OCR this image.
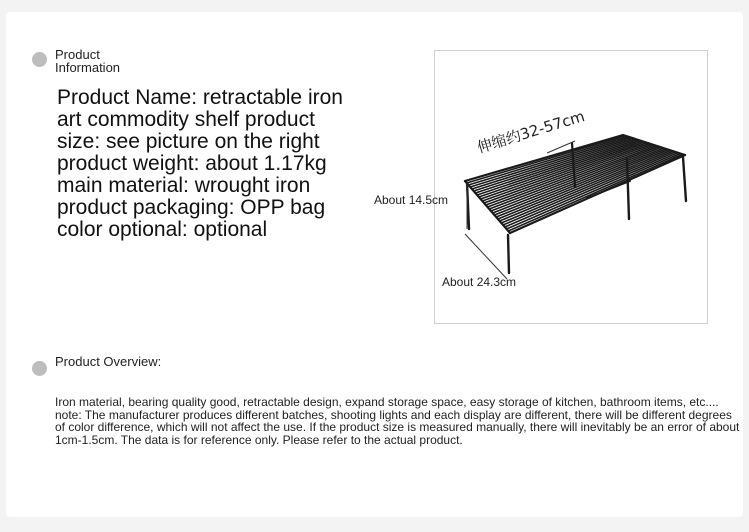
Product Information
Product Name: retractable iron art commodity shelf product size: see picture on the right product weight: about 1.17kg main material: wrought iron product packaging: OPP bag color optional: optional
伸缩约32-57cm
About 14.5cm
About 24.3cm
Product Overview:
Iron material, bearing quality good, retractable design, expand storage space, easy storage of kitchen, bathroom items, etc.... note: The manufacturer produces different batches, shooting lights and each display are different, there will be different degrees of color difference, which will not affect the use. If the product size is measured manually, there will inevitably be an error of about 1cm-1.5cm. The data is for reference only. Please refer to the actual product.
